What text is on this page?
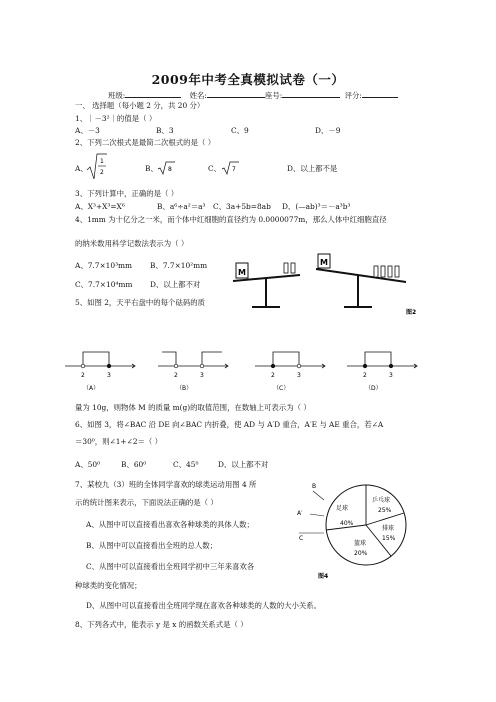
2009年中考全真模拟试卷（一）
班级:	姓名:	座号:	评分:
一、 选择题（每小题 2 分，共 20 分）
1、｜－3²｜的值是（ ）
A、－3	B、3	C、9	D、－9
2、下列二次根式是最简二次根式的是（ ）
A、
1
2	B、 8	C、 7	D、以上都不是
3、下列计算中，正确的是（ ）
A、X³+X³=X⁶	B、a⁶÷a²＝a³ C、3a+5b=8ab D、(—ab)³＝－a³b³
4、1mm 为十亿分之一米，而个体中红细胞的直径约为 0.0000077m，那么人体中红细胞直径
的纳米数用科学记数法表示为（ ）
A、7.7×10³mm B、7.7×10²mm
C、7.7×10⁴mm D、以上都不对
5、如图 2，天平右盘中的每个砝码的质
M
M
图2
2	3
（A）
2	3
（B）
2	3
（C）
2	3
（D）
量为 10g，则物体 M 的质量 m(g)的取值范围，在数轴上可表示为（ ）
6、如图 3，将∠BAC 沿 DE 向∠BAC 内折叠，使 AD 与 A′D 重合，A′E 与 AE 重合，若∠A
＝30⁰，则∠1+∠2＝（ ）
A、50⁰	B、60⁰	C、45⁰	D、以上都不对
7、某校九（3）班的全体同学喜欢的球类运动用图 4 所
示的统计图来表示，下面说法正确的是（ ）
A、从图中可以直接看出喜欢各种球类的具体人数；
B、从图中可以直接看出全班的总人数；
C、从图中可以直接看出全班同学初中三年来喜欢各
种球类的变化情况；
D、从图中可以直接看出全班同学现在喜欢各种球类的人数的大小关系。
B
A′
C
足球
40%
乒乓球
25%
排球
15%
篮球
20%
图4
8、下列各式中，能表示 y 是 x 的函数关系式是（ ）
